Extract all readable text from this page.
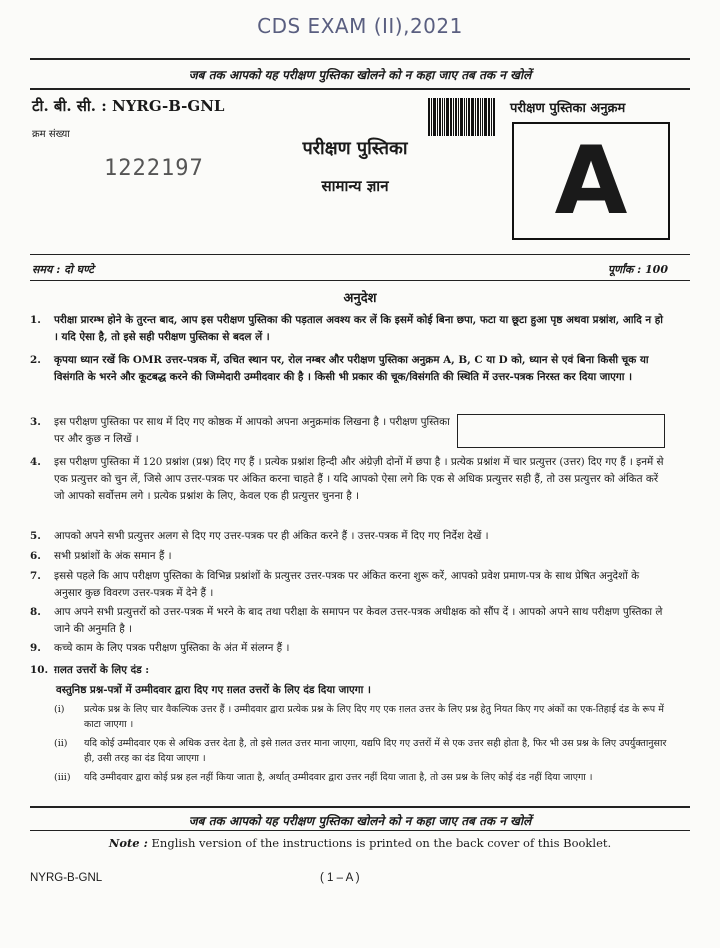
CDS EXAM (II),2021
जब तक आपको यह परीक्षण पुस्तिका खोलने को न कहा जाए तब तक न खोलें
टी. बी. सी. : NYRG-B-GNL
क्रम संख्या
1222197
परीक्षण पुस्तिका
सामान्य ज्ञान
परीक्षण पुस्तिका अनुक्रम
A
समय : दो घण्टे	पूर्णांक : 100
अनुदेश
1. परीक्षा प्रारम्भ होने के तुरन्त बाद, आप इस परीक्षण पुस्तिका की पड़ताल अवश्य कर लें कि इसमें कोई बिना छपा, फटा या छूटा हुआ पृष्ठ अथवा प्रश्नांश, आदि न हो । यदि ऐसा है, तो इसे सही परीक्षण पुस्तिका से बदल लें ।
2. कृपया ध्यान रखें कि OMR उत्तर-पत्रक में, उचित स्थान पर, रोल नम्बर और परीक्षण पुस्तिका अनुक्रम A, B, C या D को, ध्यान से एवं बिना किसी चूक या विसंगति के भरने और कूटबद्ध करने की जिम्मेदारी उम्मीदवार की है । किसी भी प्रकार की चूक/विसंगति की स्थिति में उत्तर-पत्रक निरस्त कर दिया जाएगा ।
3. इस परीक्षण पुस्तिका पर साथ में दिए गए कोष्ठक में आपको अपना अनुक्रमांक लिखना है । परीक्षण पुस्तिका पर और कुछ न लिखें ।
4. इस परीक्षण पुस्तिका में 120 प्रश्नांश (प्रश्न) दिए गए हैं । प्रत्येक प्रश्नांश हिन्दी और अंग्रेज़ी दोनों में छपा है । प्रत्येक प्रश्नांश में चार प्रत्युत्तर (उत्तर) दिए गए हैं । इनमें से एक प्रत्युत्तर को चुन लें, जिसे आप उत्तर-पत्रक पर अंकित करना चाहते हैं । यदि आपको ऐसा लगे कि एक से अधिक प्रत्युत्तर सही हैं, तो उस प्रत्युत्तर को अंकित करें जो आपको सर्वोत्तम लगे । प्रत्येक प्रश्नांश के लिए, केवल एक ही प्रत्युत्तर चुनना है ।
5. आपको अपने सभी प्रत्युत्तर अलग से दिए गए उत्तर-पत्रक पर ही अंकित करने हैं । उत्तर-पत्रक में दिए गए निर्देश देखें ।
6. सभी प्रश्नांशों के अंक समान हैं ।
7. इससे पहले कि आप परीक्षण पुस्तिका के विभिन्न प्रश्नांशों के प्रत्युत्तर उत्तर-पत्रक पर अंकित करना शुरू करें, आपको प्रवेश प्रमाण-पत्र के साथ प्रेषित अनुदेशों के अनुसार कुछ विवरण उत्तर-पत्रक में देने हैं ।
8. आप अपने सभी प्रत्युत्तरों को उत्तर-पत्रक में भरने के बाद तथा परीक्षा के समापन पर केवल उत्तर-पत्रक अधीक्षक को सौंप दें । आपको अपने साथ परीक्षण पुस्तिका ले जाने की अनुमति है ।
9. कच्चे काम के लिए पत्रक परीक्षण पुस्तिका के अंत में संलग्न हैं ।
10. ग़लत उत्तरों के लिए दंड :
वस्तुनिष्ठ प्रश्न-पत्रों में उम्मीदवार द्वारा दिए गए ग़लत उत्तरों के लिए दंड दिया जाएगा ।
(i) प्रत्येक प्रश्न के लिए चार वैकल्पिक उत्तर हैं । उम्मीदवार द्वारा प्रत्येक प्रश्न के लिए दिए गए एक ग़लत उत्तर के लिए प्रश्न हेतु नियत किए गए अंकों का एक-तिहाई दंड के रूप में काटा जाएगा ।
(ii) यदि कोई उम्मीदवार एक से अधिक उत्तर देता है, तो इसे ग़लत उत्तर माना जाएगा, यद्यपि दिए गए उत्तरों में से एक उत्तर सही होता है, फिर भी उस प्रश्न के लिए उपर्युक्तानुसार ही, उसी तरह का दंड दिया जाएगा ।
(iii) यदि उम्मीदवार द्वारा कोई प्रश्न हल नहीं किया जाता है, अर्थात् उम्मीदवार द्वारा उत्तर नहीं दिया जाता है, तो उस प्रश्न के लिए कोई दंड नहीं दिया जाएगा ।
जब तक आपको यह परीक्षण पुस्तिका खोलने को न कहा जाए तब तक न खोलें
Note : English version of the instructions is printed on the back cover of this Booklet.
NYRG-B-GNL	( 1 – A )
